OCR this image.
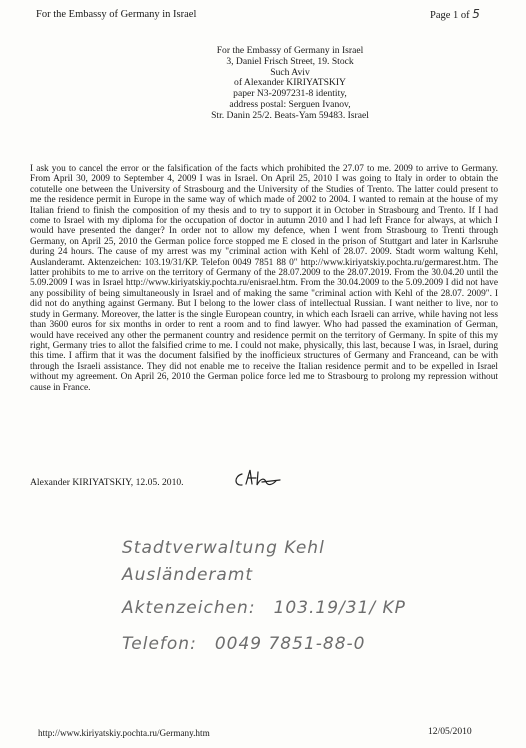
For the Embassy of Germany in Israel	Page 1 of 5
For the Embassy of Germany in Israel
3, Daniel Frisch Street, 19. Stock
Such Aviv
of Alexander KIRIYATSKIY
paper N3-2097231-8 identity,
address postal: Serguen Ivanov,
Str. Danin 25/2. Beats-Yam 59483. Israel
I ask you to cancel the error or the falsification of the facts which prohibited the 27.07 to me. 2009 to arrive to Germany. From April 30, 2009 to September 4, 2009 I was in Israel. On April 25, 2010 I was going to Italy in order to obtain the cotutelle one between the University of Strasbourg and the University of the Studies of Trento. The latter could present to me the residence permit in Europe in the same way of which made of 2002 to 2004. I wanted to remain at the house of my Italian friend to finish the composition of my thesis and to try to support it in October in Strasbourg and Trento. If I had come to Israel with my diploma for the occupation of doctor in autumn 2010 and I had left France for always, at which I would have presented the danger? In order not to allow my defence, when I went from Strasbourg to Trenti through Germany, on April 25, 2010 the German police force stopped me E closed in the prison of Stuttgart and later in Karlsruhe during 24 hours. The cause of my arrest was my "criminal action with Kehl of 28.07. 2009. Stadt worm waltung Kehl, Auslanderamt. Aktenzeichen: 103.19/31/KP. Telefon 0049 7851 88 0" http://www.kiriyatskiy.pochta.ru/germarest.htm. The latter prohibits to me to arrive on the territory of Germany of the 28.07.2009 to the 28.07.2019. From the 30.04.20 until the 5.09.2009 I was in Israel http://www.kiriyatskiy.pochta.ru/enisrael.htm. From the 30.04.2009 to the 5.09.2009 I did not have any possibility of being simultaneously in Israel and of making the same "criminal action with Kehl of the 28.07. 2009". I did not do anything against Germany. But I belong to the lower class of intellectual Russian. I want neither to live, nor to study in Germany. Moreover, the latter is the single European country, in which each Israeli can arrive, while having not less than 3600 euros for six months in order to rent a room and to find lawyer. Who had passed the examination of German, would have received any other the permanent country and residence permit on the territory of Germany. In spite of this my right, Germany tries to allot the falsified crime to me. I could not make, physically, this last, because I was, in Israel, during this time. I affirm that it was the document falsified by the inofficieux structures of Germany and Franceand, can be with through the Israeli assistance. They did not enable me to receive the Italian residence permit and to be expelled in Israel without my agreement. On April 26, 2010 the German police force led me to Strasbourg to prolong my repression without cause in France.
Alexander KIRIYATSKIY, 12.05. 2010.
Stadtverwaltung Kehl
Ausländeramt
Aktenzeichen: 103.19/31/ KP
Telefon: 0049 7851-88-0
http://www.kiriyatskiy.pochta.ru/Germany.htm	12/05/2010
